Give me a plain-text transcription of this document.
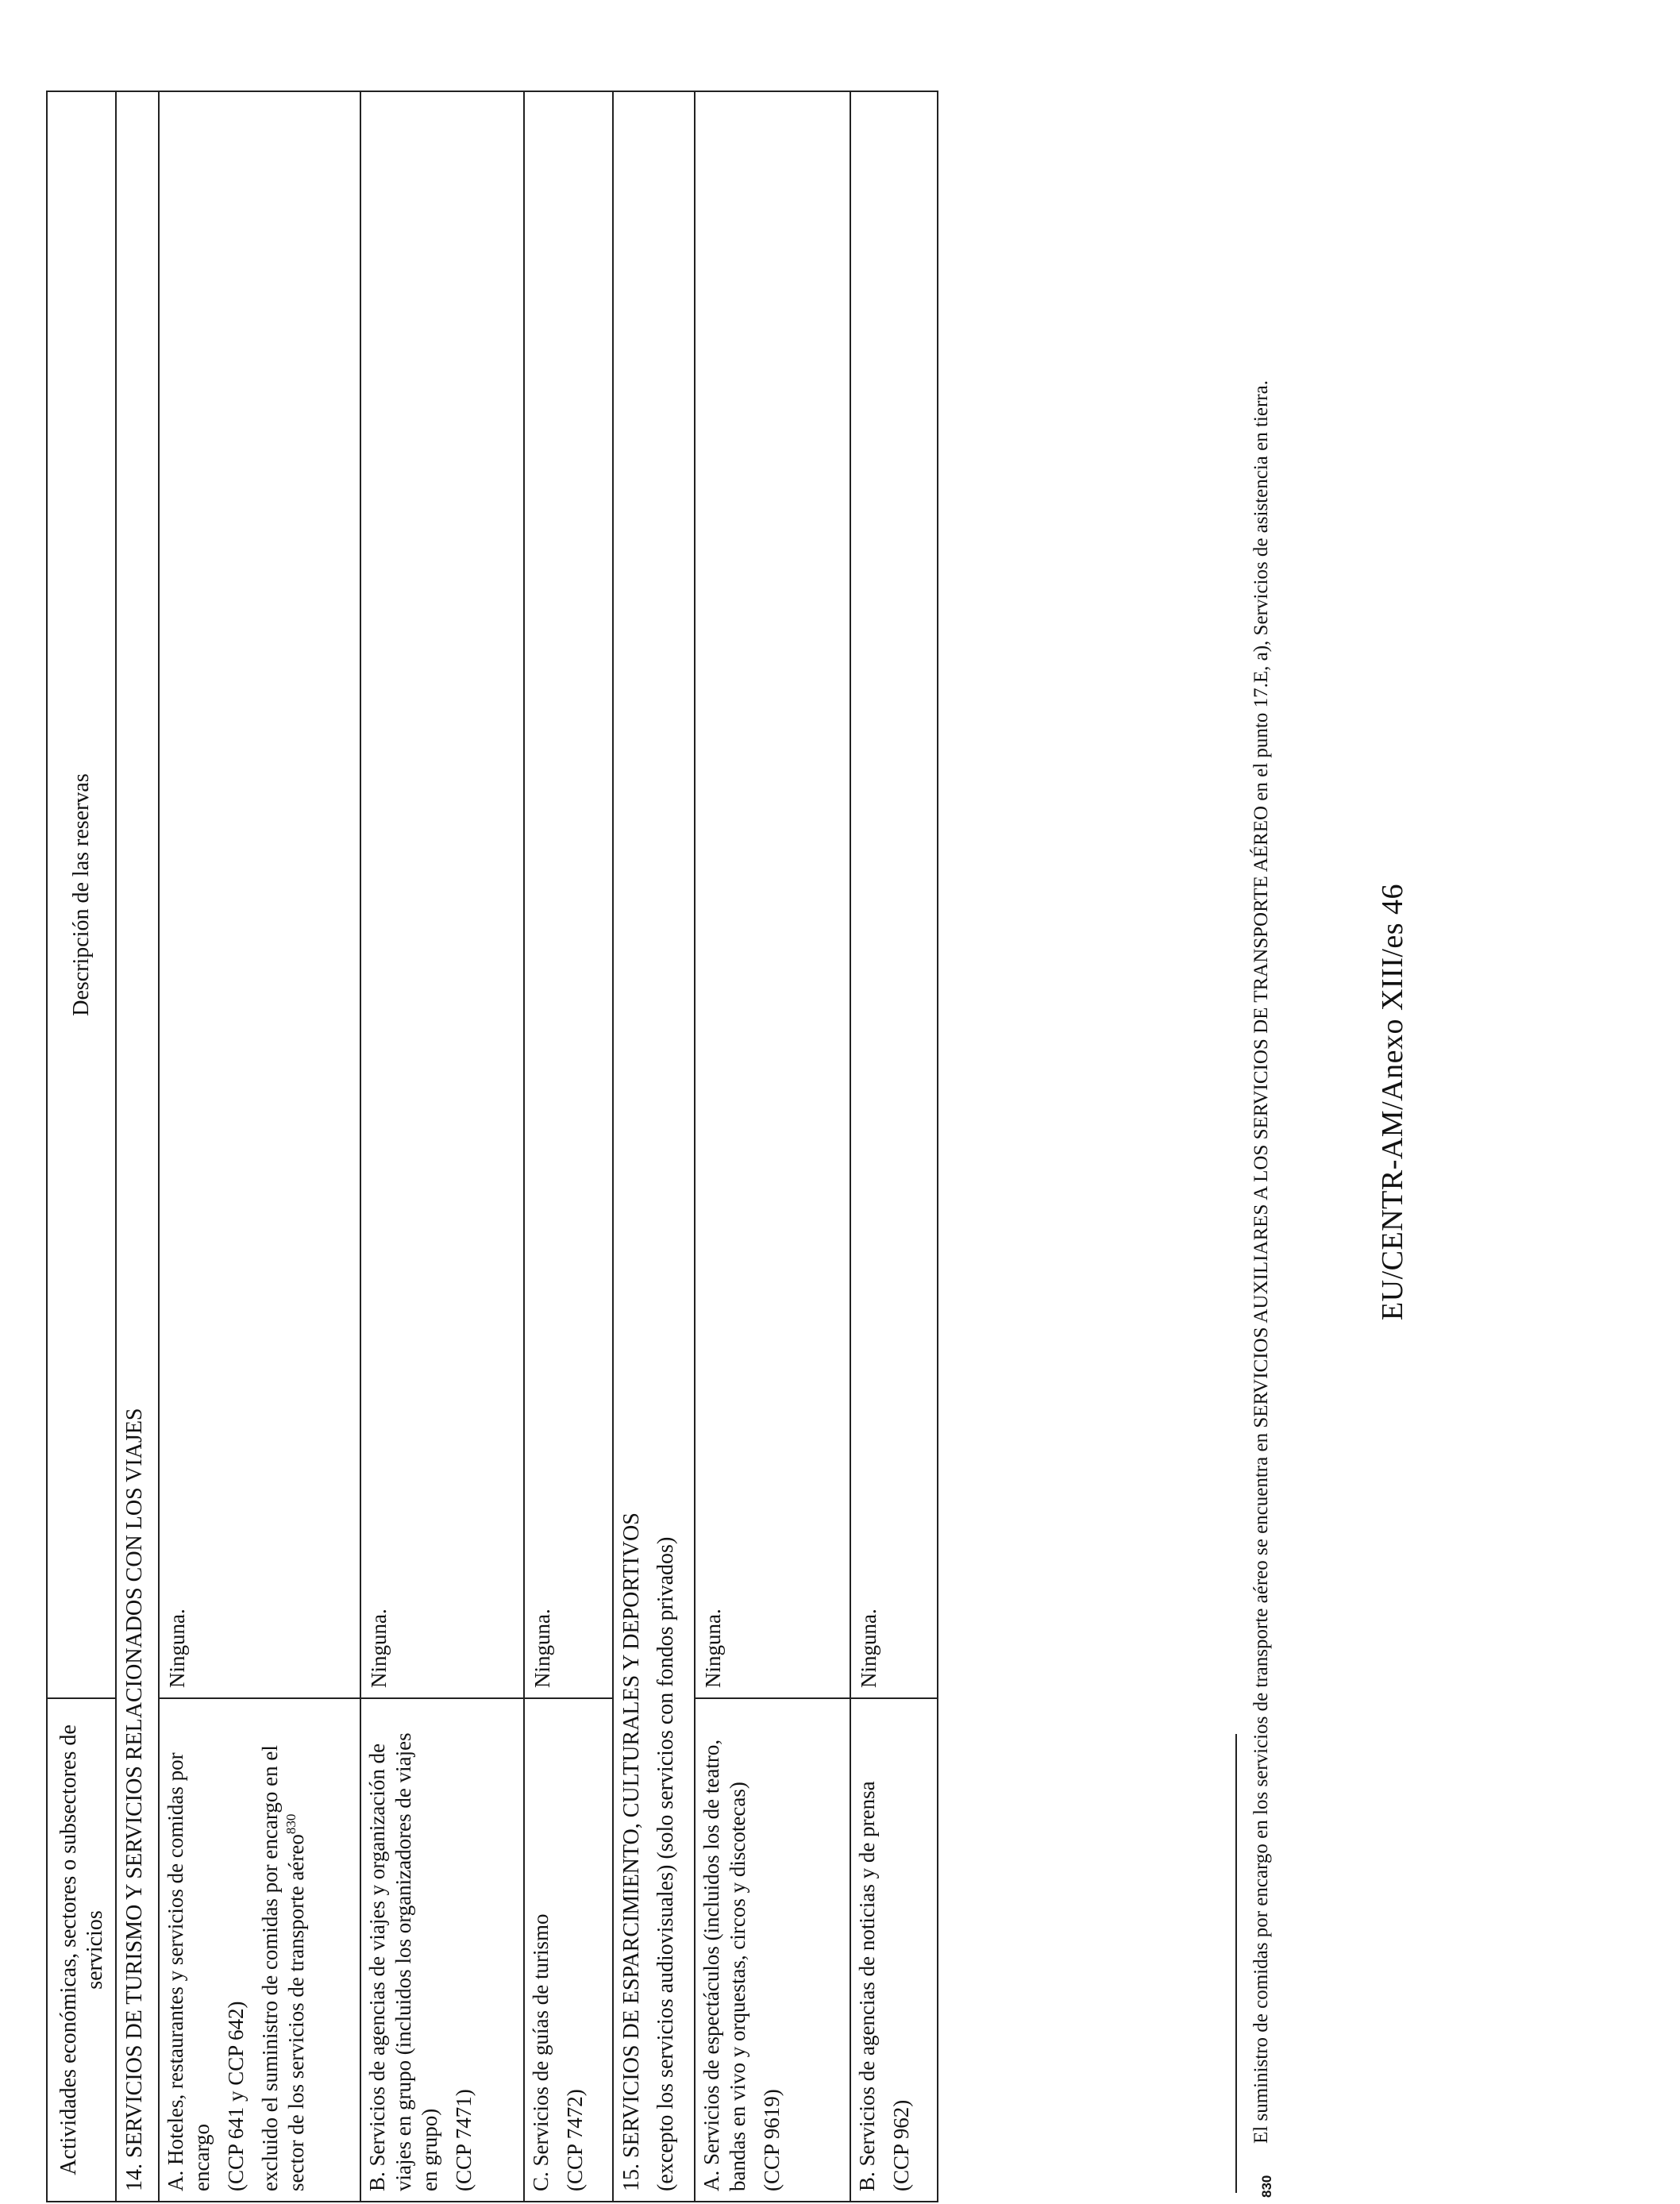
Actividades económicas, sectores o subsectores de servicios	Descripción de las reservas
14. SERVICIOS DE TURISMO Y SERVICIOS RELACIONADOS CON LOS VIAJES	

A. Hoteles, restaurantes y servicios de comidas por encargo (CCP 641 y CCP 642) excluido el suministro de comidas por encargo en el sector de los servicios de transporte aéreo$^{830}$	Ninguna.

B. Servicios de agencias de viajes y organización de viajes en grupo (incluidos los organizadores de viajes en grupo) (CCP 7471)	Ninguna.

C. Servicios de guías de turismo (CCP 7472)	Ninguna.

15. SERVICIOS DE ESPARCIMIENTO, CULTURALES Y DEPORTIVOS (excepto los servicios audiovisuales) (solo servicios con fondos privados)	

A. Servicios de espectáculos (incluidos los de teatro, bandas en vivo y orquestas, circos y discotecas) (CCP 9619)	Ninguna.

B. Servicios de agencias de noticias y de prensa (CCP 962)	Ninguna.
830
El suministro de comidas por encargo en los servicios de transporte aéreo se encuentra en SERVICIOS AUXILIARES A LOS SERVICIOS DE TRANSPORTE AÉREO en el punto 17.E, a), Servicios de asistencia en tierra.	EU/CENTR-AM/Anexo XIII/es 46
